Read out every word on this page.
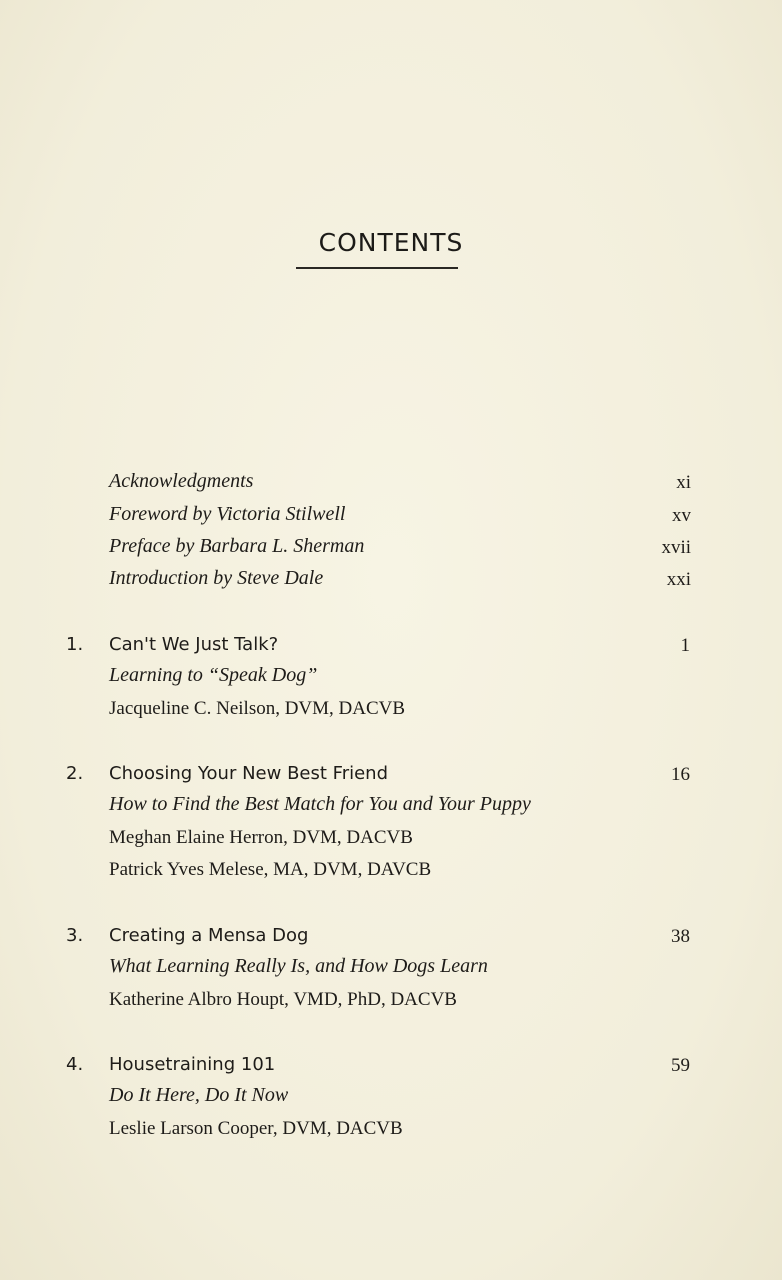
CONTENTS
Acknowledgments	xi
Foreword by Victoria Stilwell	xv
Preface by Barbara L. Sherman	xvii
Introduction by Steve Dale	xxi
1. Can't We Just Talk?	1
Learning to “Speak Dog”
Jacqueline C. Neilson, DVM, DACVB
2. Choosing Your New Best Friend	16
How to Find the Best Match for You and Your Puppy
Meghan Elaine Herron, DVM, DACVB
Patrick Yves Melese, MA, DVM, DAVCB
3. Creating a Mensa Dog	38
What Learning Really Is, and How Dogs Learn
Katherine Albro Houpt, VMD, PhD, DACVB
4. Housetraining 101	59
Do It Here, Do It Now
Leslie Larson Cooper, DVM, DACVB
